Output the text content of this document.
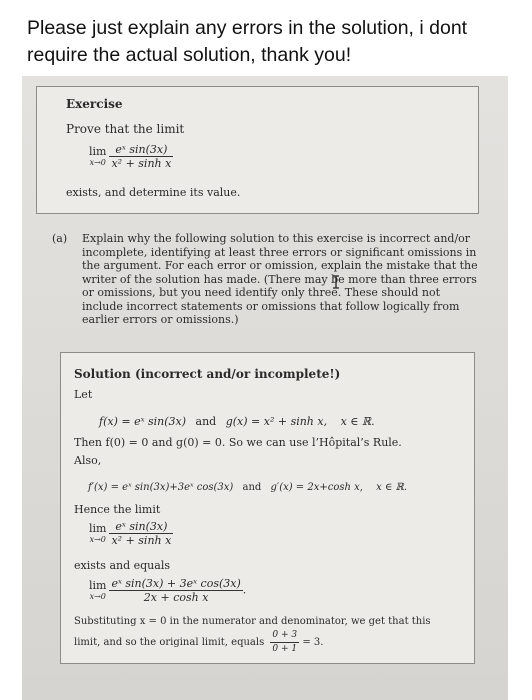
Please just explain any errors in the solution, i dont require the actual solution, thank you!
Exercise
Prove that the limit
lim
$x\to 0 \frac{\text{eˣ sin(3x)}}{\text{x² + sinh x}}$
exists, and determine its value.
(a) Explain why the following solution to this exercise is incorrect and/or incomplete, identifying at least three errors or significant omissions in the argument. For each error or omission, explain the mistake that the writer of the solution has made. (There may be more than three errors or omissions, but you need identify only three. These should not include incorrect statements or omissions that follow logically from earlier errors or omissions.)
Solution (incorrect and/or incomplete!)
Let
f(x) = eˣ sin(3x) and g(x) = x² + sinh x, x ∈ ℝ.
Then f(0) = 0 and g(0) = 0. So we can use l’Hôpital’s Rule.
Also,
f′(x) = eˣ sin(3x)+3eˣ cos(3x) and g′(x) = 2x+cosh x, x ∈ ℝ.
Hence the limit
lim
$x\to 0 \frac{\text{eˣ sin(3x)}}{\text{x² + sinh x}}$
exists and equals
lim
$x\to 0 \frac{\text{eˣ sin(3x) + 3eˣ cos(3x)}}{\text{2x + cosh x}}$ .
Substituting x = 0 in the numerator and denominator, we get that this
limit, and so the original limit, equals $\frac{0 + 3}{0 + 1} = 3$.
